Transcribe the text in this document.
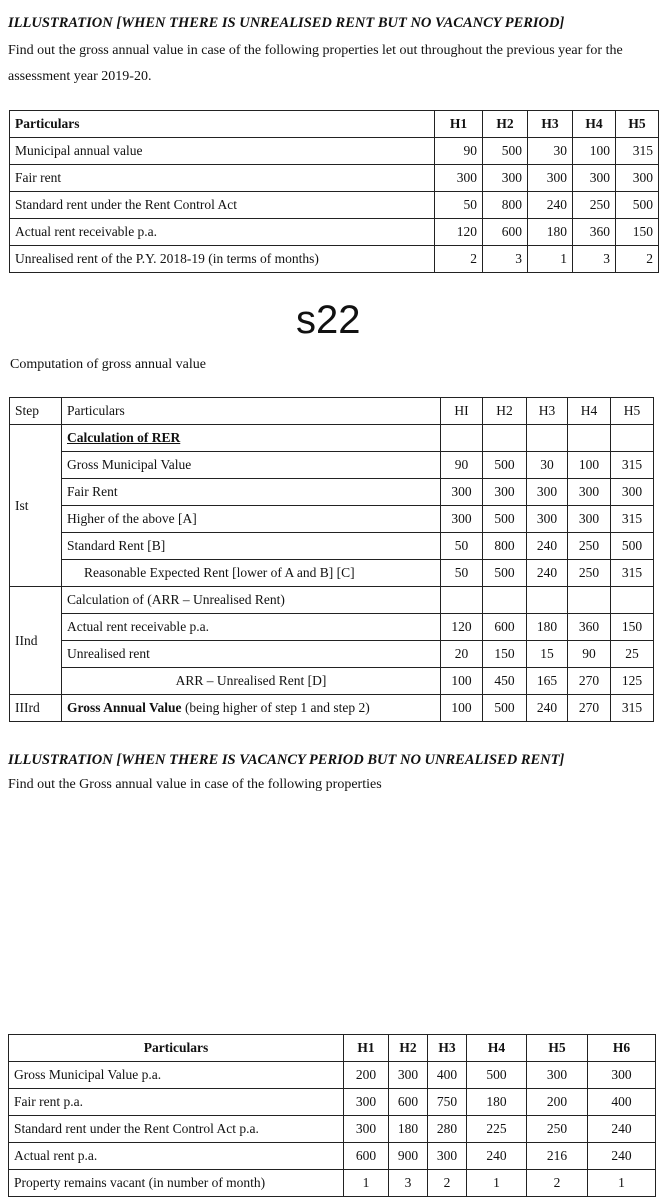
ILLUSTRATION [WHEN THERE IS UNREALISED RENT BUT NO VACANCY PERIOD]
Find out the gross annual value in case of the following properties let out throughout the previous year for the assessment year 2019-20.
Particulars	H1	H2	H3	H4	H5
Municipal annual value	90	500	30	100	315
Fair rent	300	300	300	300	300
Standard rent under the Rent Control Act	50	800	240	250	500
Actual rent receivable p.a.	120	600	180	360	150
Unrealised rent of the P.Y. 2018-19 (in terms of months)	2	3	1	3	2
s22
Computation of gross annual value
Step	Particulars	HI	H2	H3	H4	H5
Ist	Calculation of RER					
	Gross Municipal Value	90	500	30	100	315
	Fair Rent	300	300	300	300	300
	Higher of the above [A]	300	500	300	300	315
	Standard Rent [B]	50	800	240	250	500
	Reasonable Expected Rent [lower of A and B] [C]	50	500	240	250	315
IInd	Calculation of (ARR – Unrealised Rent)					
	Actual rent receivable p.a.	120	600	180	360	150
	Unrealised rent	20	150	15	90	25
	ARR – Unrealised Rent [D]	100	450	165	270	125
IIIrd	Gross Annual Value (being higher of step 1 and step 2)	100	500	240	270	315
ILLUSTRATION [WHEN THERE IS VACANCY PERIOD BUT NO UNREALISED RENT]
Find out the Gross annual value in case of the following properties
Particulars	H1	H2	H3	H4	H5	H6
Gross Municipal Value p.a.	200	300	400	500	300	300
Fair rent p.a.	300	600	750	180	200	400
Standard rent under the Rent Control Act p.a.	300	180	280	225	250	240
Actual rent p.a.	600	900	300	240	216	240
Property remains vacant (in number of month)	1	3	2	1	2	1
